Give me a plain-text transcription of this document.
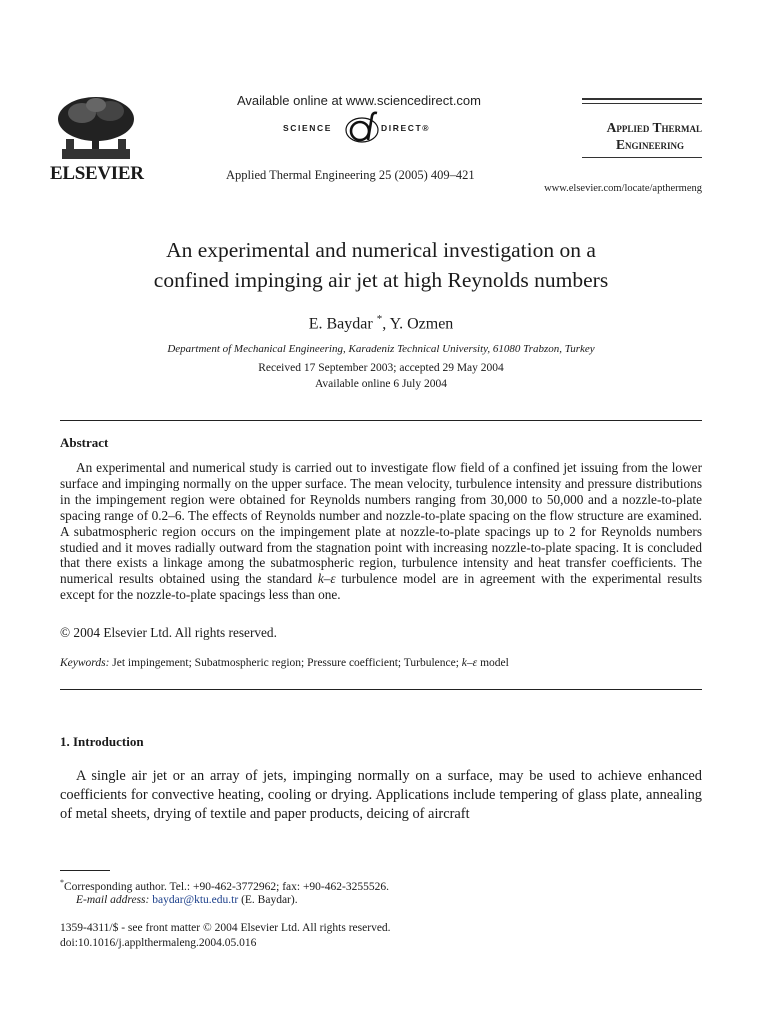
ELSEVIER
Available online at www.sciencedirect.com
SCIENCE	DIRECT®
Applied Thermal Engineering 25 (2005) 409–421
Applied Thermal
Engineering
www.elsevier.com/locate/apthermeng
An experimental and numerical investigation on a
confined impinging air jet at high Reynolds numbers
E. Baydar *, Y. Ozmen
Department of Mechanical Engineering, Karadeniz Technical University, 61080 Trabzon, Turkey
Received 17 September 2003; accepted 29 May 2004
Available online 6 July 2004
Abstract
An experimental and numerical study is carried out to investigate flow field of a confined jet issuing from the lower surface and impinging normally on the upper surface. The mean velocity, turbulence intensity and pressure distributions in the impingement region were obtained for Reynolds numbers ranging from 30,000 to 50,000 and a nozzle-to-plate spacing range of 0.2–6. The effects of Reynolds number and nozzle-to-plate spacing on the flow structure are examined. A subatmospheric region occurs on the impingement plate at nozzle-to-plate spacings up to 2 for Reynolds numbers studied and it moves radially outward from the stagnation point with increasing nozzle-to-plate spacing. It is concluded that there exists a linkage among the subatmospheric region, turbulence intensity and heat transfer coefficients. The numerical results obtained using the standard k–ε turbulence model are in agreement with the experimental results except for the nozzle-to-plate spacings less than one.
© 2004 Elsevier Ltd. All rights reserved.
Keywords: Jet impingement; Subatmospheric region; Pressure coefficient; Turbulence; k–ε model
1. Introduction
A single air jet or an array of jets, impinging normally on a surface, may be used to achieve enhanced coefficients for convective heating, cooling or drying. Applications include tempering of glass plate, annealing of metal sheets, drying of textile and paper products, deicing of aircraft
*Corresponding author. Tel.: +90-462-3772962; fax: +90-462-3255526.
E-mail address: baydar@ktu.edu.tr (E. Baydar).
1359-4311/$ - see front matter © 2004 Elsevier Ltd. All rights reserved.
doi:10.1016/j.applthermaleng.2004.05.016
